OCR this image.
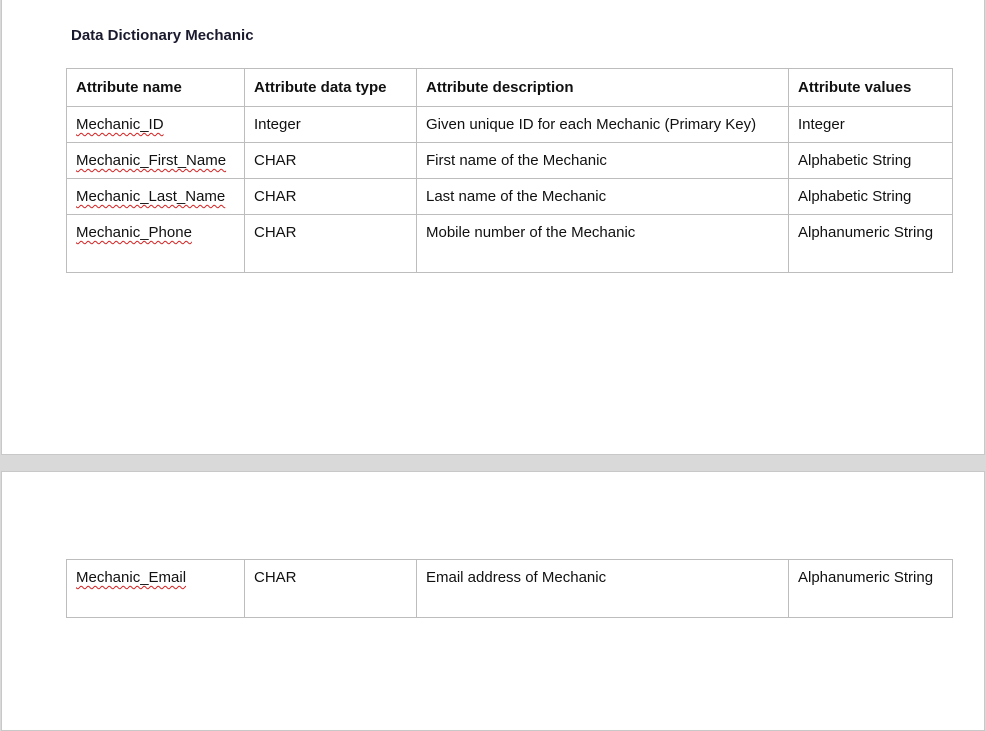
Data Dictionary Mechanic
Attribute name	Attribute data type	Attribute description	Attribute values
Mechanic_ID	Integer	Given unique ID for each Mechanic (Primary Key)	Integer
Mechanic_First_Name	CHAR	First name of the Mechanic	Alphabetic String
Mechanic_Last_Name	CHAR	Last name of the Mechanic	Alphabetic String
Mechanic_Phone	CHAR	Mobile number of the Mechanic	Alphanumeric String
Mechanic_Email	CHAR	Email address of Mechanic	Alphanumeric String
